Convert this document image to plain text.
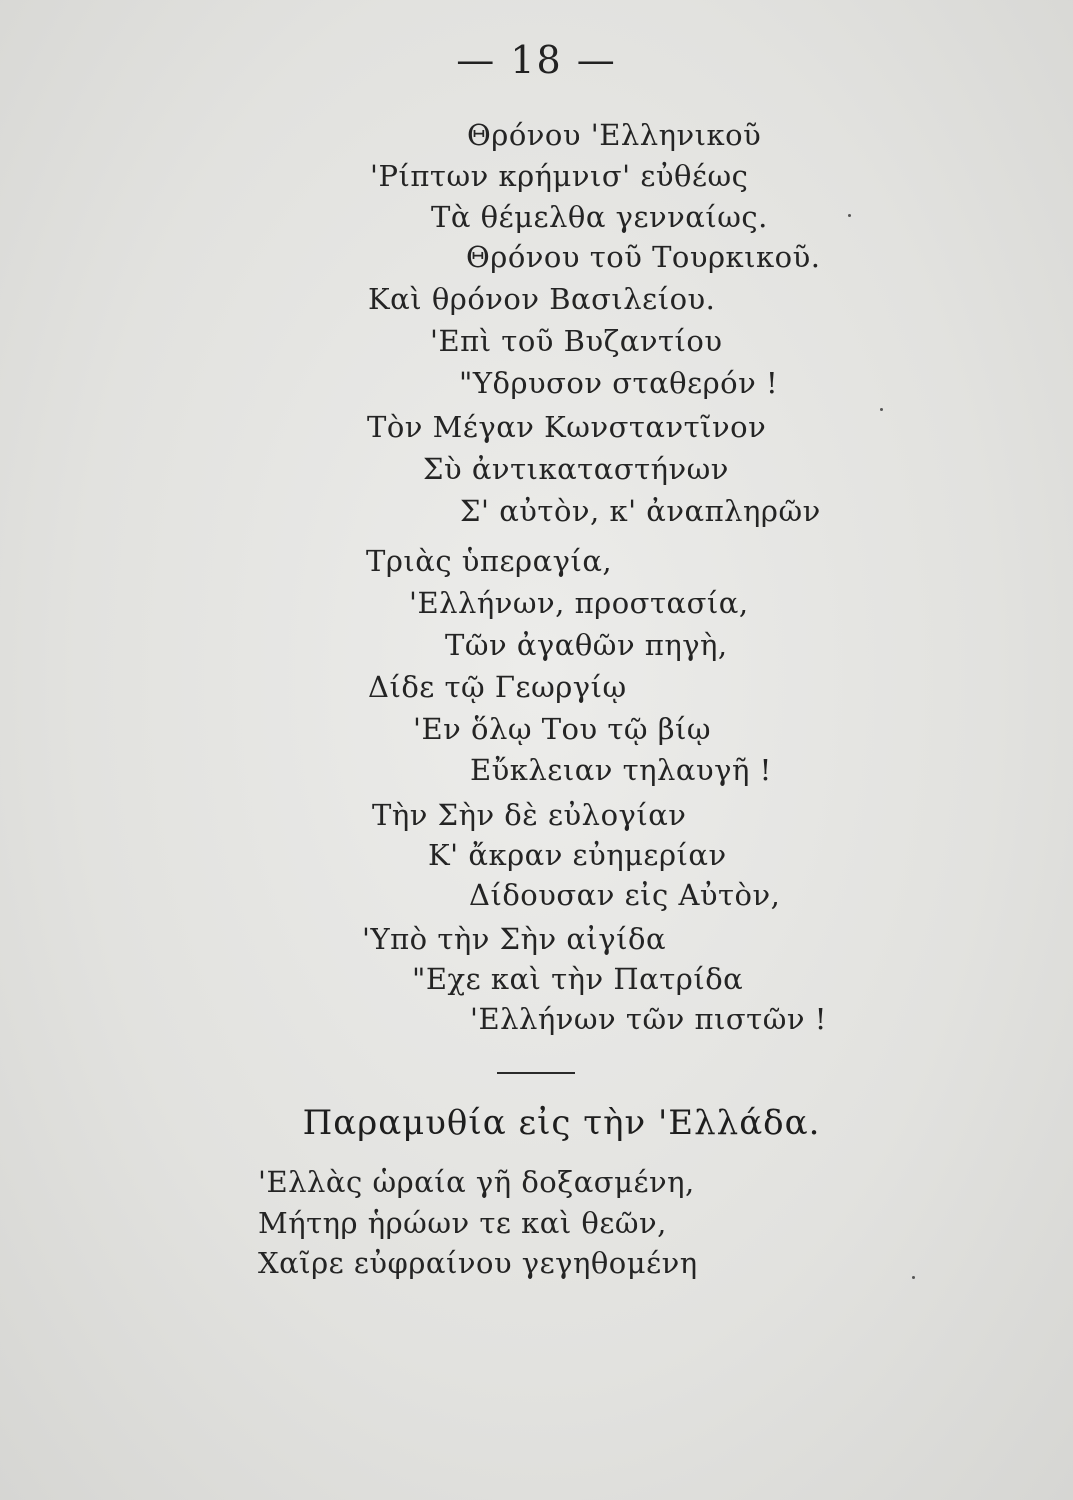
— 18 —
Θρόνου 'Ελληνικοῦ
'Ρίπτων κρήμνισ' εὐθέως
Τὰ θέμελθα γενναίως.
Θρόνου τοῦ Τουρκικοῦ.
Καὶ θρόνον Βασιλείου.
'Επὶ τοῦ Βυζαντίου
"Υδρυσον σταθερόν !
Τὸν Μέγαν Κωνσταντῖνον
Σὺ ἀντικαταστήνων
Σ' αὐτὸν, κ' ἀναπληρῶν
Τριὰς ὑπεραγία,
'Ελλήνων, προστασία,
Τῶν ἀγαθῶν πηγὴ,
Δίδε τῷ Γεωργίῳ
'Εν ὅλῳ Του τῷ βίῳ
Εὔκλειαν τηλαυγῆ !
Τὴν Σὴν δὲ εὐλογίαν
Κ' ἄκραν εὐημερίαν
Δίδουσαν εἰς Αὐτὸν,
'Υπὸ τὴν Σὴν αἰγίδα
"Εχε καὶ τὴν Πατρίδα
'Ελλήνων τῶν πιστῶν !
Παραμυθία εἰς τὴν 'Ελλάδα.
'Ελλὰς ὡραία γῆ δοξασμένη,
Μήτηρ ἡρώων τε καὶ θεῶν,
Χαῖρε εὐφραίνου γεγηθομένη
